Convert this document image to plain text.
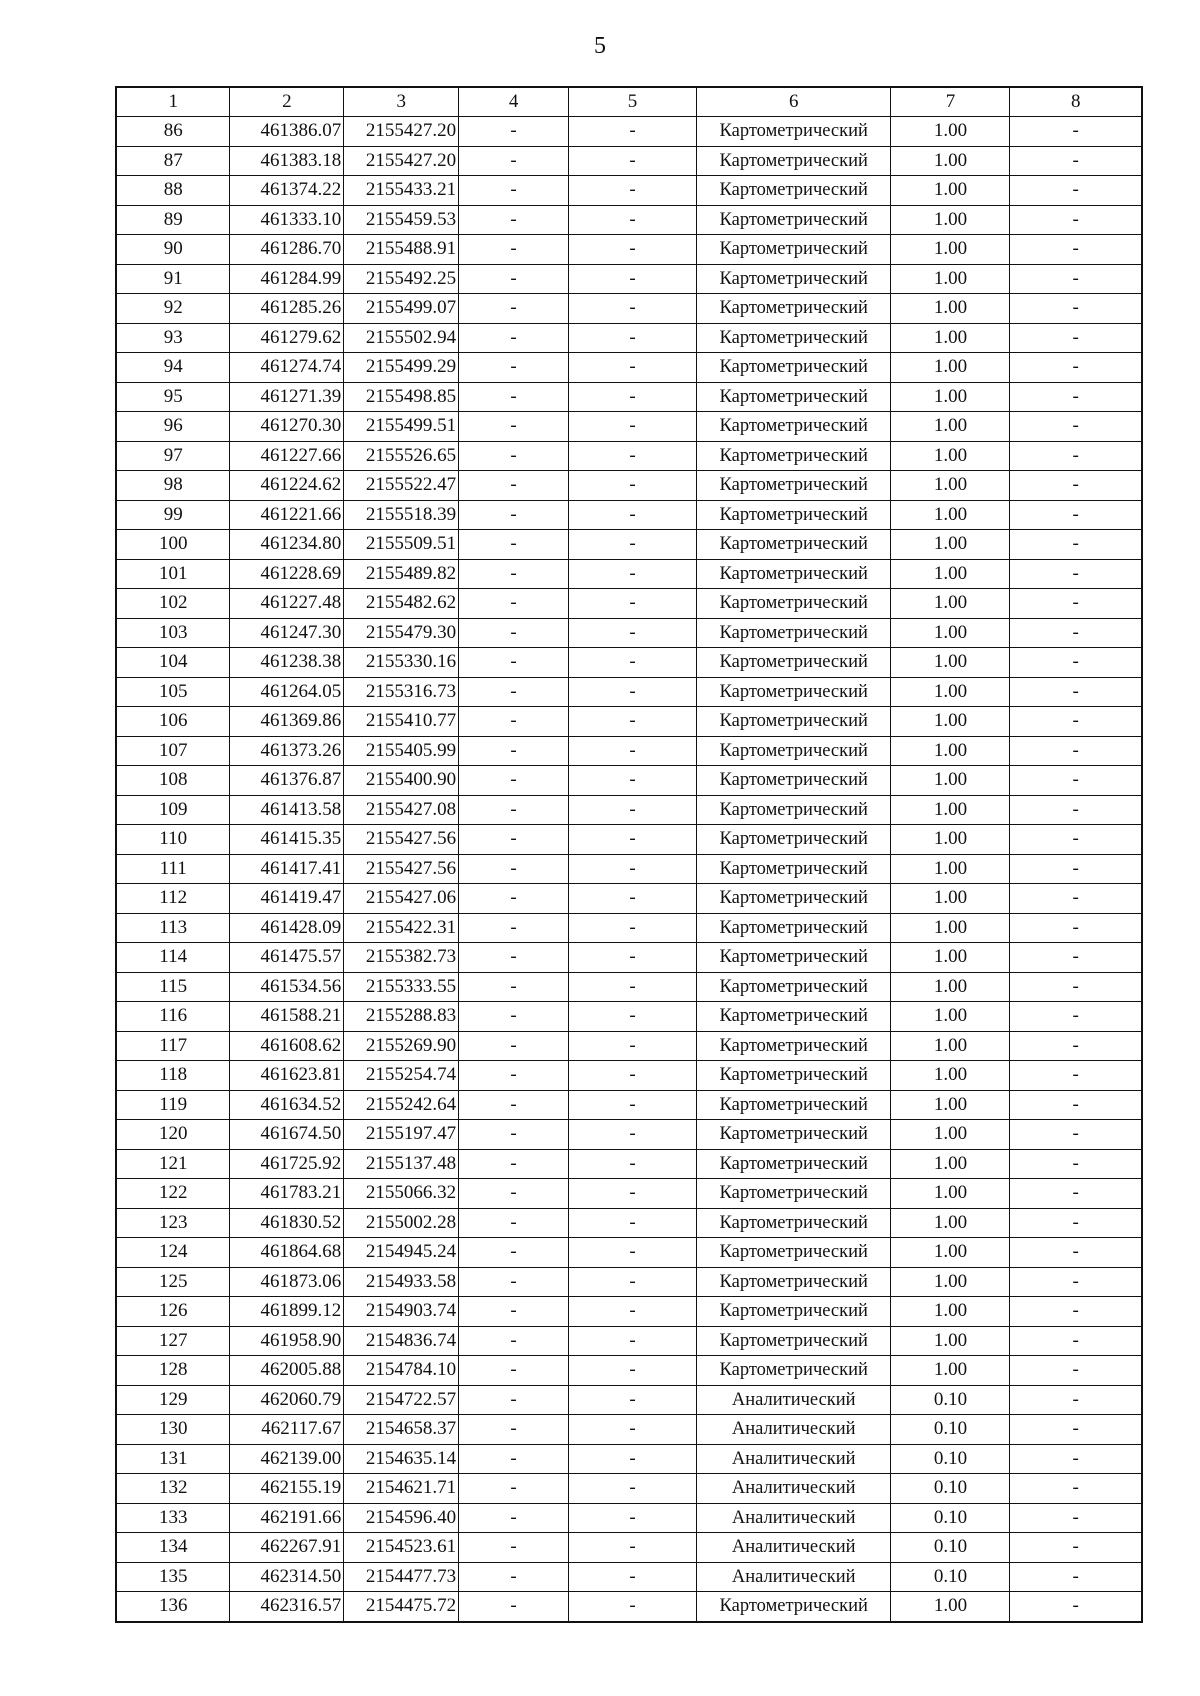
5
1	2	3	4	5	6	7	8
86	461386.07	2155427.20	-	-	Картометрический	1.00	-
87	461383.18	2155427.20	-	-	Картометрический	1.00	-
88	461374.22	2155433.21	-	-	Картометрический	1.00	-
89	461333.10	2155459.53	-	-	Картометрический	1.00	-
90	461286.70	2155488.91	-	-	Картометрический	1.00	-
91	461284.99	2155492.25	-	-	Картометрический	1.00	-
92	461285.26	2155499.07	-	-	Картометрический	1.00	-
93	461279.62	2155502.94	-	-	Картометрический	1.00	-
94	461274.74	2155499.29	-	-	Картометрический	1.00	-
95	461271.39	2155498.85	-	-	Картометрический	1.00	-
96	461270.30	2155499.51	-	-	Картометрический	1.00	-
97	461227.66	2155526.65	-	-	Картометрический	1.00	-
98	461224.62	2155522.47	-	-	Картометрический	1.00	-
99	461221.66	2155518.39	-	-	Картометрический	1.00	-
100	461234.80	2155509.51	-	-	Картометрический	1.00	-
101	461228.69	2155489.82	-	-	Картометрический	1.00	-
102	461227.48	2155482.62	-	-	Картометрический	1.00	-
103	461247.30	2155479.30	-	-	Картометрический	1.00	-
104	461238.38	2155330.16	-	-	Картометрический	1.00	-
105	461264.05	2155316.73	-	-	Картометрический	1.00	-
106	461369.86	2155410.77	-	-	Картометрический	1.00	-
107	461373.26	2155405.99	-	-	Картометрический	1.00	-
108	461376.87	2155400.90	-	-	Картометрический	1.00	-
109	461413.58	2155427.08	-	-	Картометрический	1.00	-
110	461415.35	2155427.56	-	-	Картометрический	1.00	-
111	461417.41	2155427.56	-	-	Картометрический	1.00	-
112	461419.47	2155427.06	-	-	Картометрический	1.00	-
113	461428.09	2155422.31	-	-	Картометрический	1.00	-
114	461475.57	2155382.73	-	-	Картометрический	1.00	-
115	461534.56	2155333.55	-	-	Картометрический	1.00	-
116	461588.21	2155288.83	-	-	Картометрический	1.00	-
117	461608.62	2155269.90	-	-	Картометрический	1.00	-
118	461623.81	2155254.74	-	-	Картометрический	1.00	-
119	461634.52	2155242.64	-	-	Картометрический	1.00	-
120	461674.50	2155197.47	-	-	Картометрический	1.00	-
121	461725.92	2155137.48	-	-	Картометрический	1.00	-
122	461783.21	2155066.32	-	-	Картометрический	1.00	-
123	461830.52	2155002.28	-	-	Картометрический	1.00	-
124	461864.68	2154945.24	-	-	Картометрический	1.00	-
125	461873.06	2154933.58	-	-	Картометрический	1.00	-
126	461899.12	2154903.74	-	-	Картометрический	1.00	-
127	461958.90	2154836.74	-	-	Картометрический	1.00	-
128	462005.88	2154784.10	-	-	Картометрический	1.00	-
129	462060.79	2154722.57	-	-	Аналитический	0.10	-
130	462117.67	2154658.37	-	-	Аналитический	0.10	-
131	462139.00	2154635.14	-	-	Аналитический	0.10	-
132	462155.19	2154621.71	-	-	Аналитический	0.10	-
133	462191.66	2154596.40	-	-	Аналитический	0.10	-
134	462267.91	2154523.61	-	-	Аналитический	0.10	-
135	462314.50	2154477.73	-	-	Аналитический	0.10	-
136	462316.57	2154475.72	-	-	Картометрический	1.00	-
